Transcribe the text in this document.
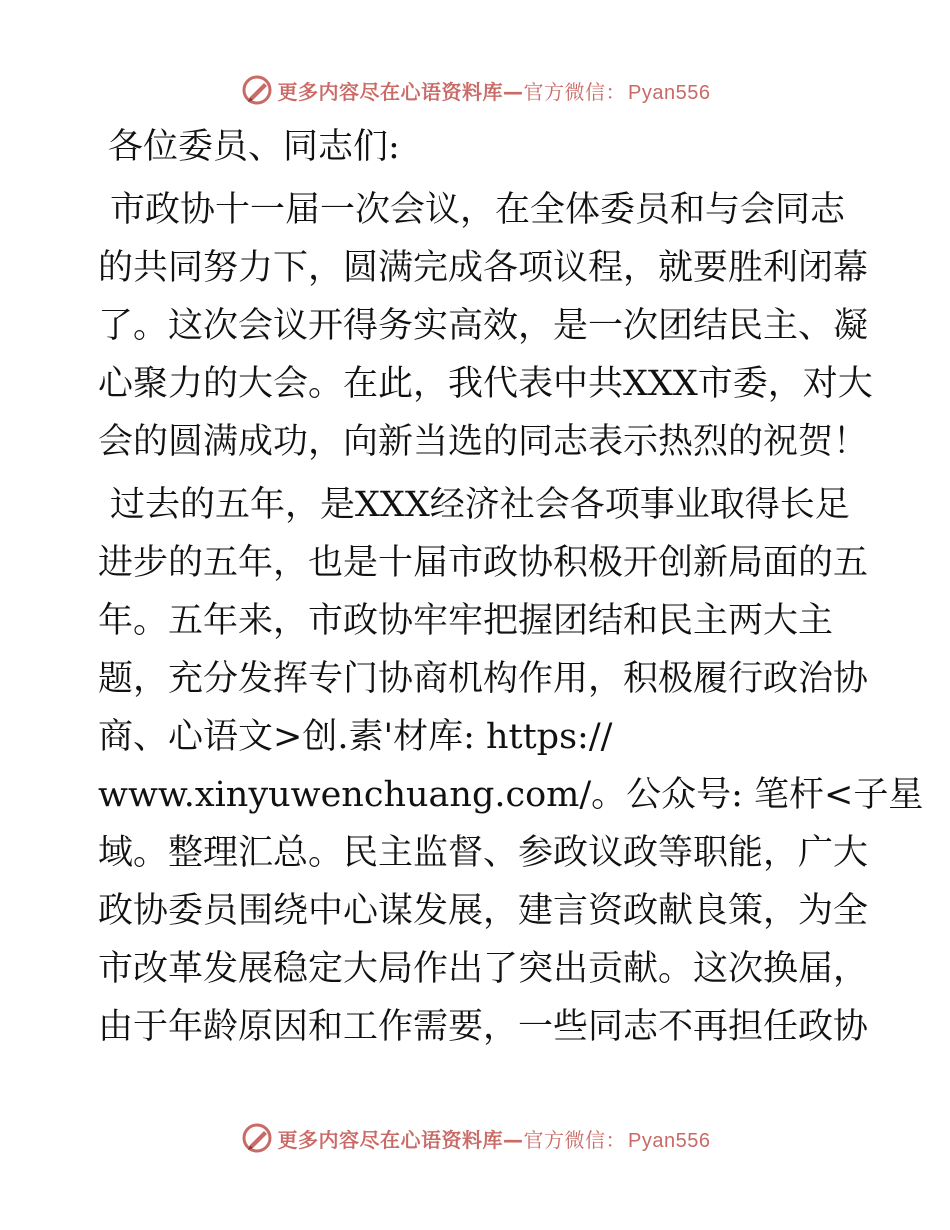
更多内容尽在心语资料库—官方微信： Pyan556
各位委员、同志们:
市政协十一届一次会议，在全体委员和与会同志
的共同努力下，圆满完成各项议程，就要胜利闭幕
了。这次会议开得务实高效，是一次团结民主、凝
心聚力的大会。在此，我代表中共XXX市委，对大
会的圆满成功，向新当选的同志表示热烈的祝贺！
过去的五年，是XXX经济社会各项事业取得长足
进步的五年，也是十届市政协积极开创新局面的五
年。五年来，市政协牢牢把握团结和民主两大主
题，充分发挥专门协商机构作用，积极履行政治协
商、心语文>创.素'材库: https://
www.xinyuwenchuang.com/。公众号: 笔杆<子星
域。整理汇总。民主监督、参政议政等职能，广大
政协委员围绕中心谋发展，建言资政献良策，为全
市改革发展稳定大局作出了突出贡献。这次换届，
由于年龄原因和工作需要，一些同志不再担任政协
更多内容尽在心语资料库—官方微信： Pyan556
